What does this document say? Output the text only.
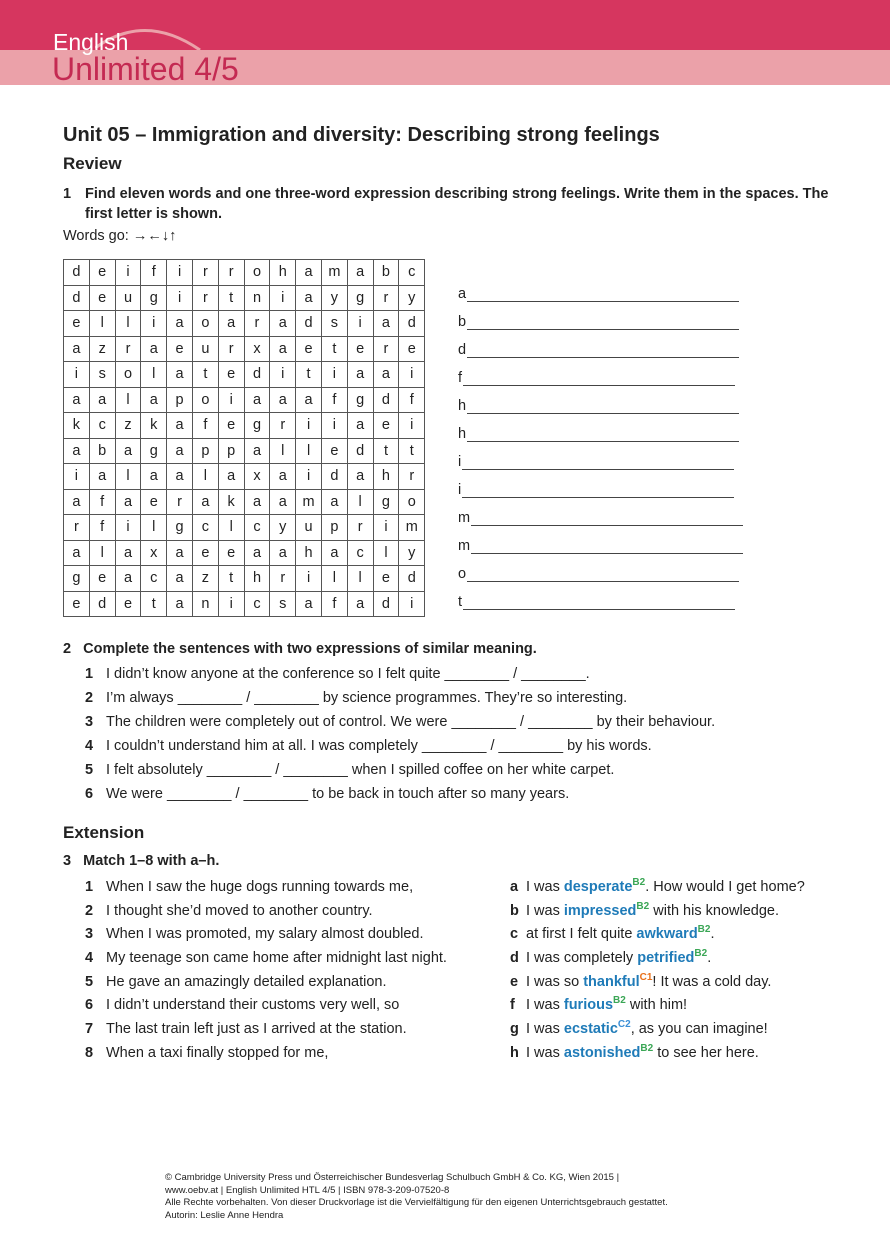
English
Unlimited 4/5
Unit 05 – Immigration and diversity: Describing strong feelings
Review
1 Find eleven words and one three-word expression describing strong feelings. Write them in the spaces. The first letter is shown.
Words go: →←↓↑
d	e	i	f	i	r	r	o	h	a	m	a	b	c
d	e	u	g	i	r	t	n	i	a	y	g	r	y
e	l	l	i	a	o	a	r	a	d	s	i	a	d
a	z	r	a	e	u	r	x	a	e	t	e	r	e
i	s	o	l	a	t	e	d	i	t	i	a	a	i
a	a	l	a	p	o	i	a	a	a	f	g	d	f
k	c	z	k	a	f	e	g	r	i	i	a	e	i
a	b	a	g	a	p	p	a	l	l	e	d	t	t
i	a	l	a	a	l	a	x	a	i	d	a	h	r
a	f	a	e	r	a	k	a	a	m	a	l	g	o
r	f	i	l	g	c	l	c	y	u	p	r	i	m
a	l	a	x	a	e	e	a	a	h	a	c	l	y
g	e	a	c	a	z	t	h	r	i	l	l	e	d
e	d	e	t	a	n	i	c	s	a	f	a	d	i
a
b
d
f
h
h
i
i
m
m
o
t
2 Complete the sentences with two expressions of similar meaning.
1 I didn’t know anyone at the conference so I felt quite ________ / ________.
2 I’m always ________ / ________ by science programmes. They’re so interesting.
3 The children were completely out of control. We were ________ / ________ by their behaviour.
4 I couldn’t understand him at all. I was completely ________ / ________ by his words.
5 I felt absolutely ________ / ________ when I spilled coffee on her white carpet.
6 We were ________ / ________ to be back in touch after so many years.
Extension
3 Match 1–8 with a–h.
1 When I saw the huge dogs running towards me,
2 I thought she’d moved to another country.
3 When I was promoted, my salary almost doubled.
4 My teenage son came home after midnight last night.
5 He gave an amazingly detailed explanation.
6 I didn’t understand their customs very well, so
7 The last train left just as I arrived at the station.
8 When a taxi finally stopped for me,
a I was desperate$^{B2}$. How would I get home?
b I was impressed$^{B2}$ with his knowledge.
c at first I felt quite awkward$^{B2}$.
d I was completely petrified$^{B2}$.
e I was so thankful$^{C1}$! It was a cold day.
f I was furious$^{B2}$ with him!
g I was ecstatic$^{C2}$, as you can imagine!
h I was astonished$^{B2}$ to see her here.
© Cambridge University Press und Österreichischer Bundesverlag Schulbuch GmbH & Co. KG, Wien 2015 |
www.oebv.at | English Unlimited HTL 4/5 | ISBN 978-3-209-07520-8
Alle Rechte vorbehalten. Von dieser Druckvorlage ist die Vervielfältigung für den eigenen Unterrichtsgebrauch gestattet.
Autorin: Leslie Anne Hendra
